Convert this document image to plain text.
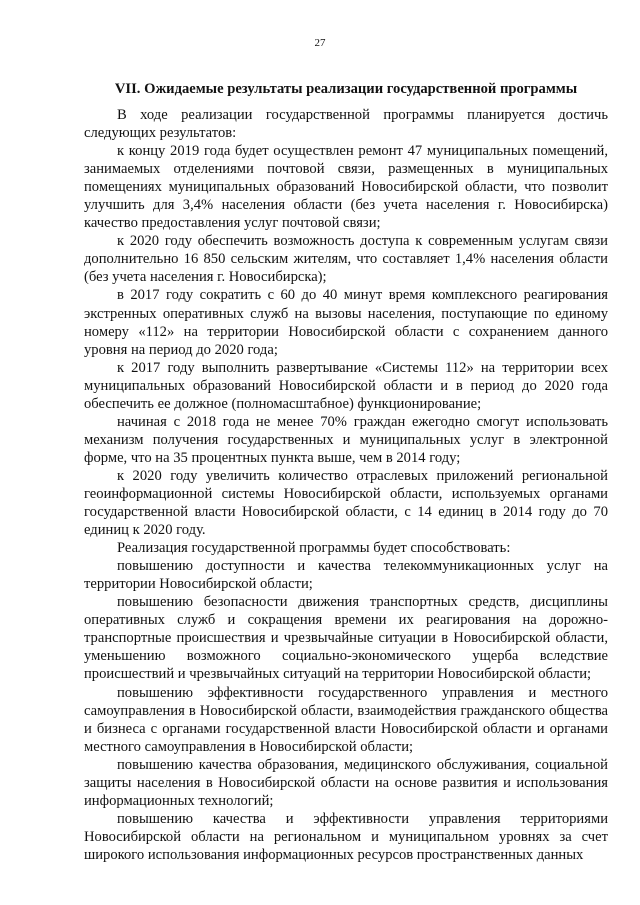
27
VII. Ожидаемые результаты реализации государственной программы

В ходе реализации государственной программы планируется достичь следующих результатов:

к концу 2019 года будет осуществлен ремонт 47 муниципальных помещений, занимаемых отделениями почтовой связи, размещенных в муниципальных помещениях муниципальных образований Новосибирской области, что позволит улучшить для 3,4% населения области (без учета населения г. Новосибирска) качество предоставления услуг почтовой связи;

к 2020 году обеспечить возможность доступа к современным услугам связи дополнительно 16 850 сельским жителям, что составляет 1,4% населения области (без учета населения г. Новосибирска);

в 2017 году сократить с 60 до 40 минут время комплексного реагирования экстренных оперативных служб на вызовы населения, поступающие по единому номеру «112» на территории Новосибирской области с сохранением данного уровня на период до 2020 года;

к 2017 году выполнить развертывание «Системы 112» на территории всех муниципальных образований Новосибирской области и в период до 2020 года обеспечить ее должное (полномасштабное) функционирование;

начиная с 2018 года не менее 70% граждан ежегодно смогут использовать механизм получения государственных и муниципальных услуг в электронной форме, что на 35 процентных пункта выше, чем в 2014 году;

к 2020 году увеличить количество отраслевых приложений региональной геоинформационной системы Новосибирской области, используемых органами государственной власти Новосибирской области, с 14 единиц в 2014 году до 70 единиц к 2020 году.

Реализация государственной программы будет способствовать:

повышению доступности и качества телекоммуникационных услуг на территории Новосибирской области;

повышению безопасности движения транспортных средств, дисциплины оперативных служб и сокращения времени их реагирования на дорожно-транспортные происшествия и чрезвычайные ситуации в Новосибирской области, уменьшению возможного социально-экономического ущерба вследствие происшествий и чрезвычайных ситуаций на территории Новосибирской области;

повышению эффективности государственного управления и местного самоуправления в Новосибирской области, взаимодействия гражданского общества и бизнеса с органами государственной власти Новосибирской области и органами местного самоуправления в Новосибирской области;

повышению качества образования, медицинского обслуживания, социальной защиты населения в Новосибирской области на основе развития и использования информационных технологий;

повышению качества и эффективности управления территориями Новосибирской области на региональном и муниципальном уровнях за счет широкого использования информационных ресурсов пространственных данных
